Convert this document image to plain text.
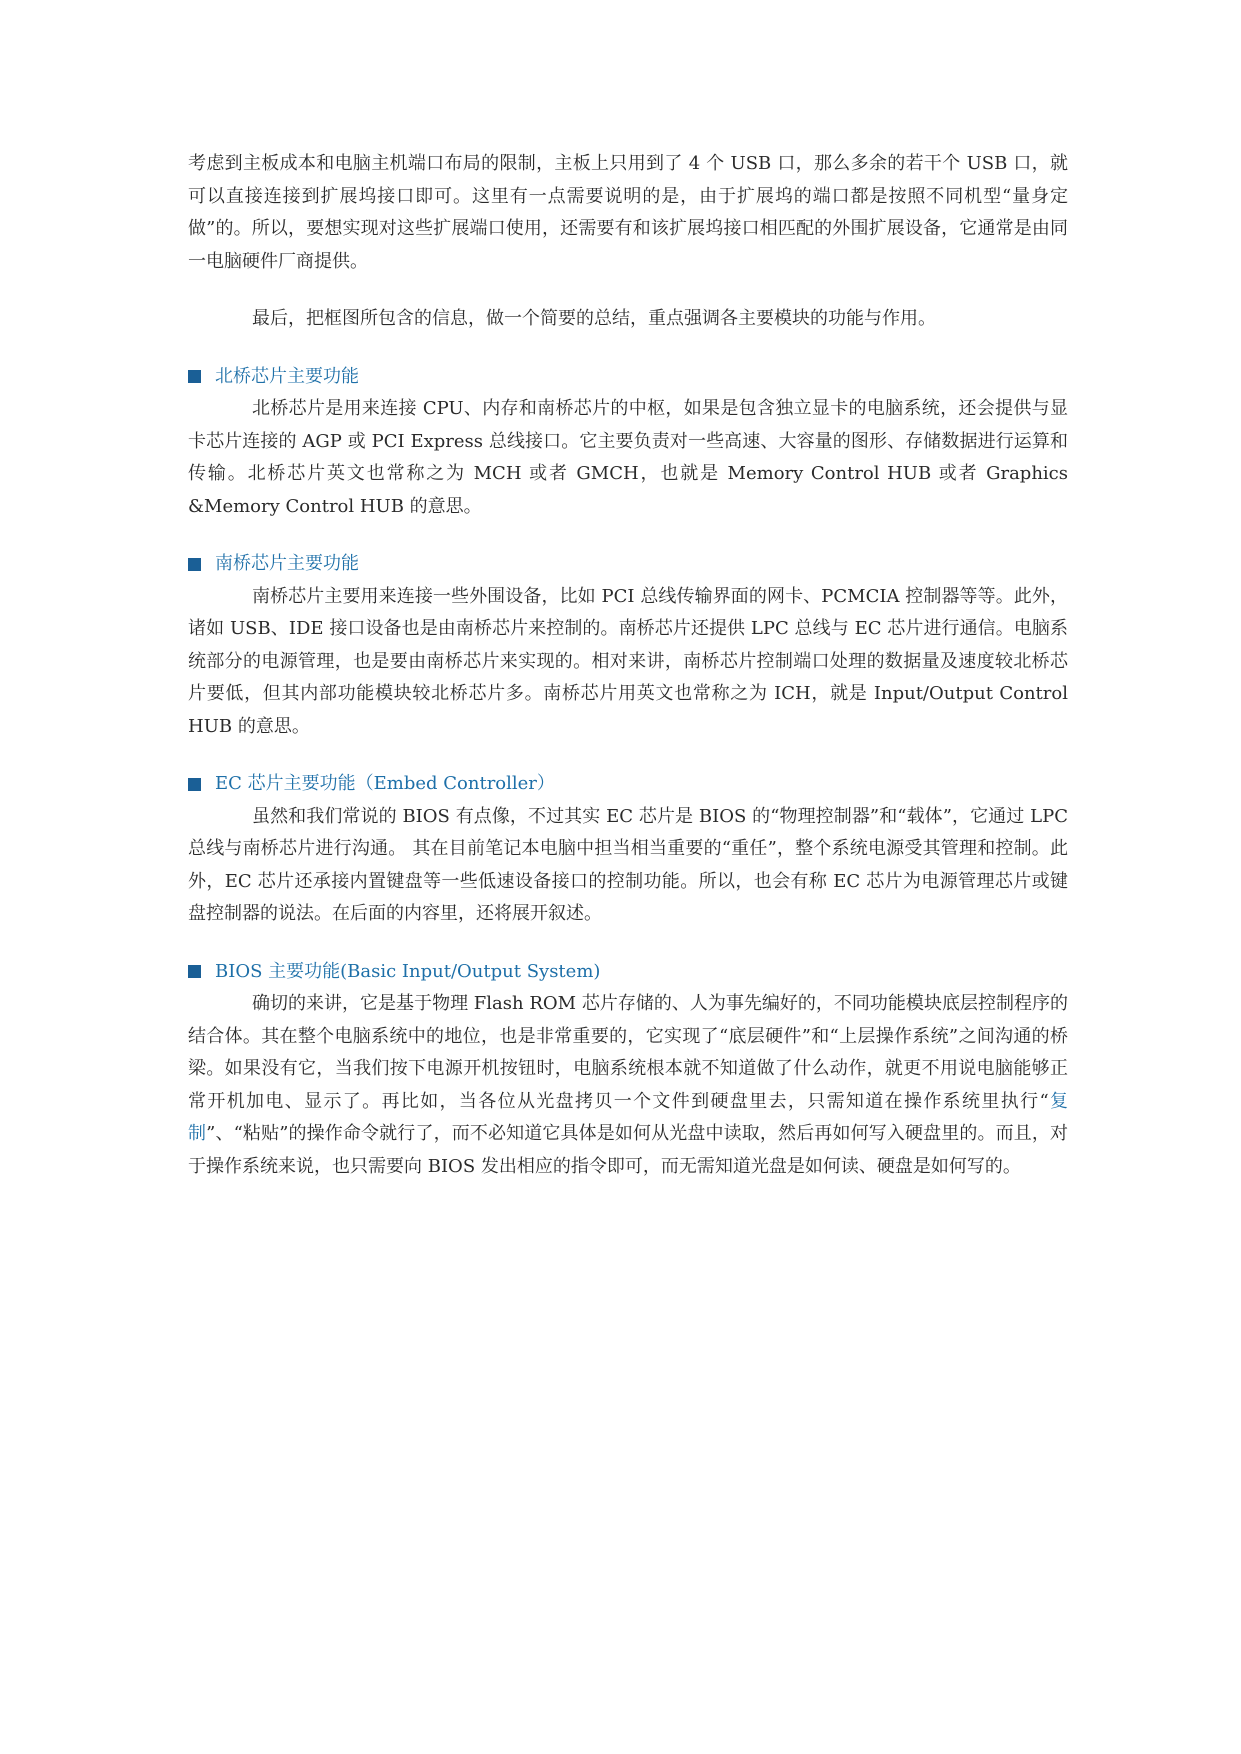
考虑到主板成本和电脑主机端口布局的限制，主板上只用到了 4 个 USB 口，那么多余的若干个 USB 口，就可以直接连接到扩展坞接口即可。这里有一点需要说明的是，由于扩展坞的端口都是按照不同机型“量身定做”的。所以，要想实现对这些扩展端口使用，还需要有和该扩展坞接口相匹配的外围扩展设备，它通常是由同一电脑硬件厂商提供。

最后，把框图所包含的信息，做一个简要的总结，重点强调各主要模块的功能与作用。

北桥芯片主要功能

北桥芯片是用来连接 CPU、内存和南桥芯片的中枢，如果是包含独立显卡的电脑系统，还会提供与显卡芯片连接的 AGP 或 PCI Express 总线接口。它主要负责对一些高速、大容量的图形、存储数据进行运算和传输。北桥芯片英文也常称之为 MCH 或者 GMCH，也就是 Memory Control HUB 或者 Graphics &Memory Control HUB 的意思。

南桥芯片主要功能

南桥芯片主要用来连接一些外围设备，比如 PCI 总线传输界面的网卡、PCMCIA 控制器等等。此外，诸如 USB、IDE 接口设备也是由南桥芯片来控制的。南桥芯片还提供 LPC 总线与 EC 芯片进行通信。电脑系统部分的电源管理，也是要由南桥芯片来实现的。相对来讲，南桥芯片控制端口处理的数据量及速度较北桥芯片要低，但其内部功能模块较北桥芯片多。南桥芯片用英文也常称之为 ICH，就是 Input/Output Control HUB 的意思。

EC 芯片主要功能（Embed Controller）

虽然和我们常说的 BIOS 有点像，不过其实 EC 芯片是 BIOS 的“物理控制器”和“载体”，它通过 LPC 总线与南桥芯片进行沟通。 其在目前笔记本电脑中担当相当重要的“重任”，整个系统电源受其管理和控制。此外，EC 芯片还承接内置键盘等一些低速设备接口的控制功能。所以，也会有称 EC 芯片为电源管理芯片或键盘控制器的说法。在后面的内容里，还将展开叙述。

BIOS 主要功能(Basic Input/Output System)

确切的来讲，它是基于物理 Flash ROM 芯片存储的、人为事先编好的，不同功能模块底层控制程序的结合体。其在整个电脑系统中的地位，也是非常重要的，它实现了“底层硬件”和“上层操作系统”之间沟通的桥梁。如果没有它，当我们按下电源开机按钮时，电脑系统根本就不知道做了什么动作，就更不用说电脑能够正常开机加电、显示了。再比如，当各位从光盘拷贝一个文件到硬盘里去，只需知道在操作系统里执行“复制”、“粘贴”的操作命令就行了，而不必知道它具体是如何从光盘中读取，然后再如何写入硬盘里的。而且，对于操作系统来说，也只需要向 BIOS 发出相应的指令即可，而无需知道光盘是如何读、硬盘是如何写的。
